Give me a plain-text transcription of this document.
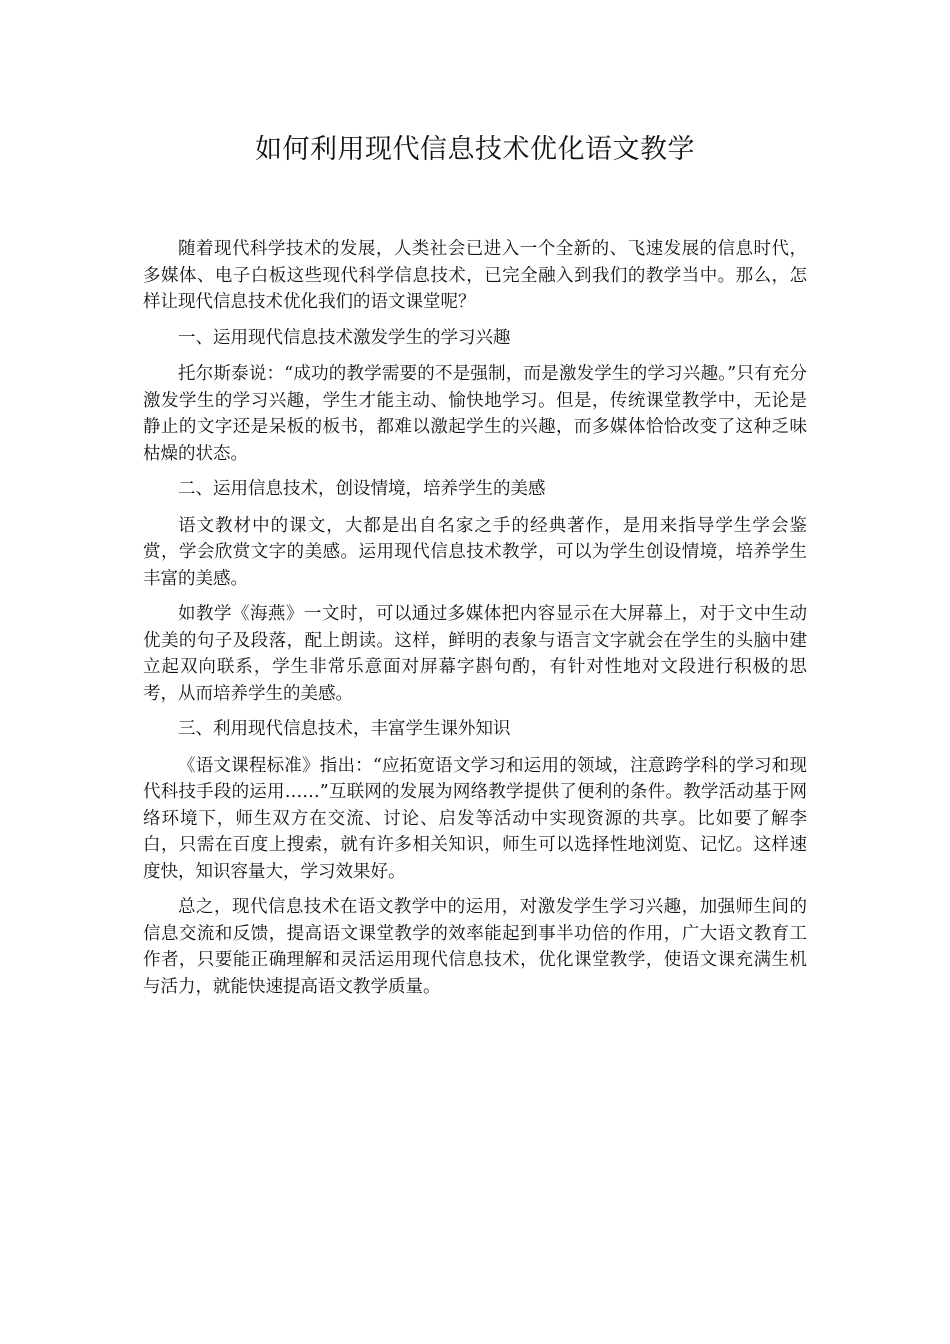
如何利用现代信息技术优化语文教学

随着现代科学技术的发展，人类社会已进入一个全新的、飞速发展的信息时代，多媒体、电子白板这些现代科学信息技术，已完全融入到我们的教学当中。那么，怎样让现代信息技术优化我们的语文课堂呢？

一、运用现代信息技术激发学生的学习兴趣

托尔斯泰说：“成功的教学需要的不是强制，而是激发学生的学习兴趣。”只有充分激发学生的学习兴趣，学生才能主动、愉快地学习。但是，传统课堂教学中，无论是静止的文字还是呆板的板书，都难以激起学生的兴趣，而多媒体恰恰改变了这种乏味枯燥的状态。

二、运用信息技术，创设情境，培养学生的美感

语文教材中的课文，大都是出自名家之手的经典著作，是用来指导学生学会鉴赏，学会欣赏文字的美感。运用现代信息技术教学，可以为学生创设情境，培养学生丰富的美感。

如教学《海燕》一文时，可以通过多媒体把内容显示在大屏幕上，对于文中生动优美的句子及段落，配上朗读。这样，鲜明的表象与语言文字就会在学生的头脑中建立起双向联系，学生非常乐意面对屏幕字斟句酌，有针对性地对文段进行积极的思考，从而培养学生的美感。

三、利用现代信息技术，丰富学生课外知识

《语文课程标准》指出：“应拓宽语文学习和运用的领域，注意跨学科的学习和现代科技手段的运用……”互联网的发展为网络教学提供了便利的条件。教学活动基于网络环境下，师生双方在交流、讨论、启发等活动中实现资源的共享。比如要了解李白，只需在百度上搜索，就有许多相关知识，师生可以选择性地浏览、记忆。这样速度快，知识容量大，学习效果好。

总之，现代信息技术在语文教学中的运用，对激发学生学习兴趣，加强师生间的信息交流和反馈，提高语文课堂教学的效率能起到事半功倍的作用，广大语文教育工作者，只要能正确理解和灵活运用现代信息技术，优化课堂教学，使语文课充满生机与活力，就能快速提高语文教学质量。
